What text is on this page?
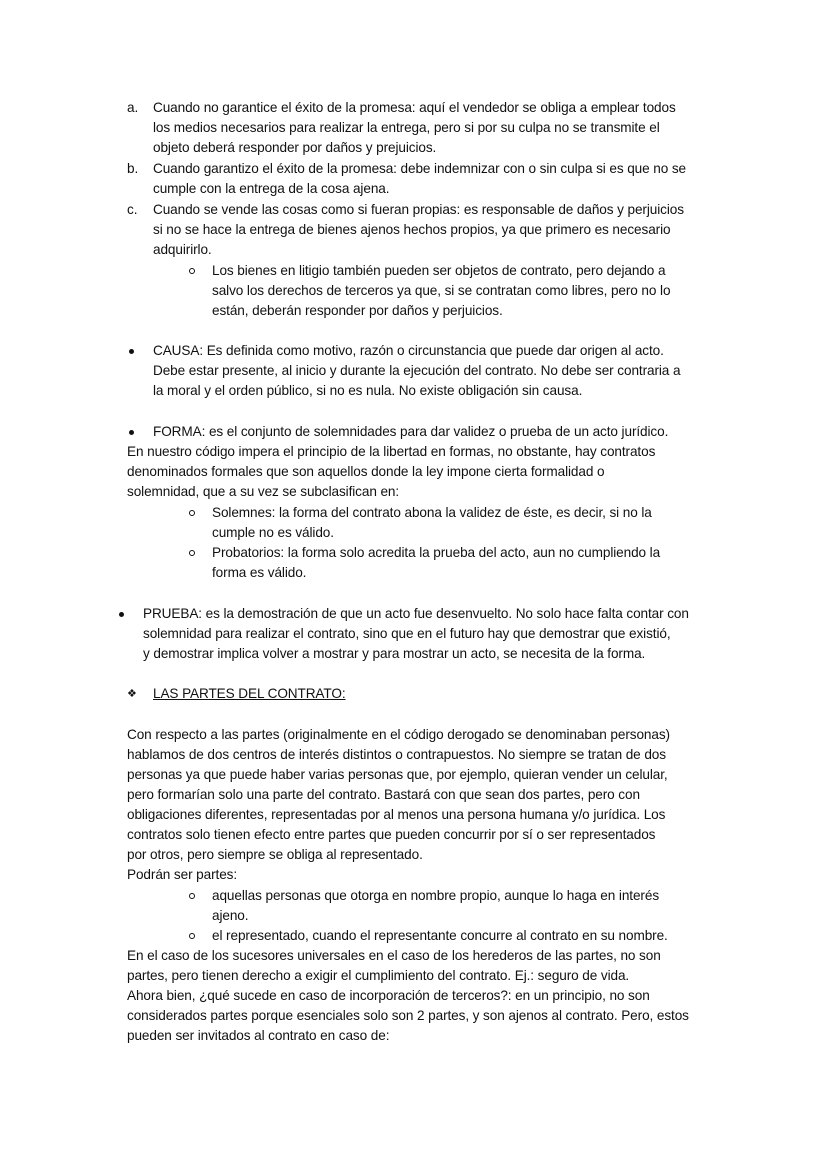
a. Cuando no garantice el éxito de la promesa: aquí el vendedor se obliga a emplear todos
los medios necesarios para realizar la entrega, pero si por su culpa no se transmite el
objeto deberá responder por daños y prejuicios.
b. Cuando garantizo el éxito de la promesa: debe indemnizar con o sin culpa si es que no se
cumple con la entrega de la cosa ajena.
c. Cuando se vende las cosas como si fueran propias: es responsable de daños y perjuicios
si no se hace la entrega de bienes ajenos hechos propios, ya que primero es necesario
adquirirlo.
Los bienes en litigio también pueden ser objetos de contrato, pero dejando a
salvo los derechos de terceros ya que, si se contratan como libres, pero no lo
están, deberán responder por daños y perjuicios.
CAUSA: Es definida como motivo, razón o circunstancia que puede dar origen al acto.
Debe estar presente, al inicio y durante la ejecución del contrato. No debe ser contraria a
la moral y el orden público, si no es nula. No existe obligación sin causa.
FORMA: es el conjunto de solemnidades para dar validez o prueba de un acto jurídico.
En nuestro código impera el principio de la libertad en formas, no obstante, hay contratos
denominados formales que son aquellos donde la ley impone cierta formalidad o
solemnidad, que a su vez se subclasifican en:
Solemnes: la forma del contrato abona la validez de éste, es decir, si no la
cumple no es válido.
Probatorios: la forma solo acredita la prueba del acto, aun no cumpliendo la
forma es válido.
PRUEBA: es la demostración de que un acto fue desenvuelto. No solo hace falta contar con
solemnidad para realizar el contrato, sino que en el futuro hay que demostrar que existió,
y demostrar implica volver a mostrar y para mostrar un acto, se necesita de la forma.
❖ LAS PARTES DEL CONTRATO:
Con respecto a las partes (originalmente en el código derogado se denominaban personas)
hablamos de dos centros de interés distintos o contrapuestos. No siempre se tratan de dos
personas ya que puede haber varias personas que, por ejemplo, quieran vender un celular,
pero formarían solo una parte del contrato. Bastará con que sean dos partes, pero con
obligaciones diferentes, representadas por al menos una persona humana y/o jurídica. Los
contratos solo tienen efecto entre partes que pueden concurrir por sí o ser representados
por otros, pero siempre se obliga al representado.
Podrán ser partes:
aquellas personas que otorga en nombre propio, aunque lo haga en interés
ajeno.
el representado, cuando el representante concurre al contrato en su nombre.
En el caso de los sucesores universales en el caso de los herederos de las partes, no son
partes, pero tienen derecho a exigir el cumplimiento del contrato. Ej.: seguro de vida.
Ahora bien, ¿qué sucede en caso de incorporación de terceros?: en un principio, no son
considerados partes porque esenciales solo son 2 partes, y son ajenos al contrato. Pero, estos
pueden ser invitados al contrato en caso de:
